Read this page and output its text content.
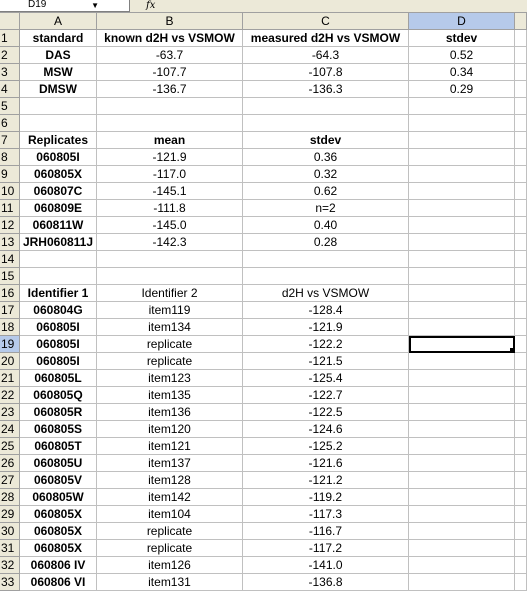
D19	▼	fx
A	B	C	D
1	standard	known d2H vs VSMOW	measured d2H vs VSMOW	stdev
2	DAS	-63.7	-64.3	0.52
3	MSW	-107.7	-107.8	0.34
4	DMSW	-136.7	-136.3	0.29
5
6
7	Replicates	mean	stdev
8	060805I	-121.9	0.36
9	060805X	-117.0	0.32
10	060807C	-145.1	0.62
11	060809E	-111.8	n=2
12	060811W	-145.0	0.40
13 JRH060811J	-142.3	0.28
14
15
16	Identifier 1	Identifier 2	d2H vs VSMOW
17	060804G	item119	-128.4
18	060805I	item134	-121.9
19	060805I	replicate	-122.2
20	060805I	replicate	-121.5
21	060805L	item123	-125.4
22	060805Q	item135	-122.7
23	060805R	item136	-122.5
24	060805S	item120	-124.6
25	060805T	item121	-125.2
26	060805U	item137	-121.6
27	060805V	item128	-121.2
28	060805W	item142	-119.2
29	060805X	item104	-117.3
30	060805X	replicate	-116.7
31	060805X	replicate	-117.2
32	060806 IV	item126	-141.0
33	060806 VI	item131	-136.8
